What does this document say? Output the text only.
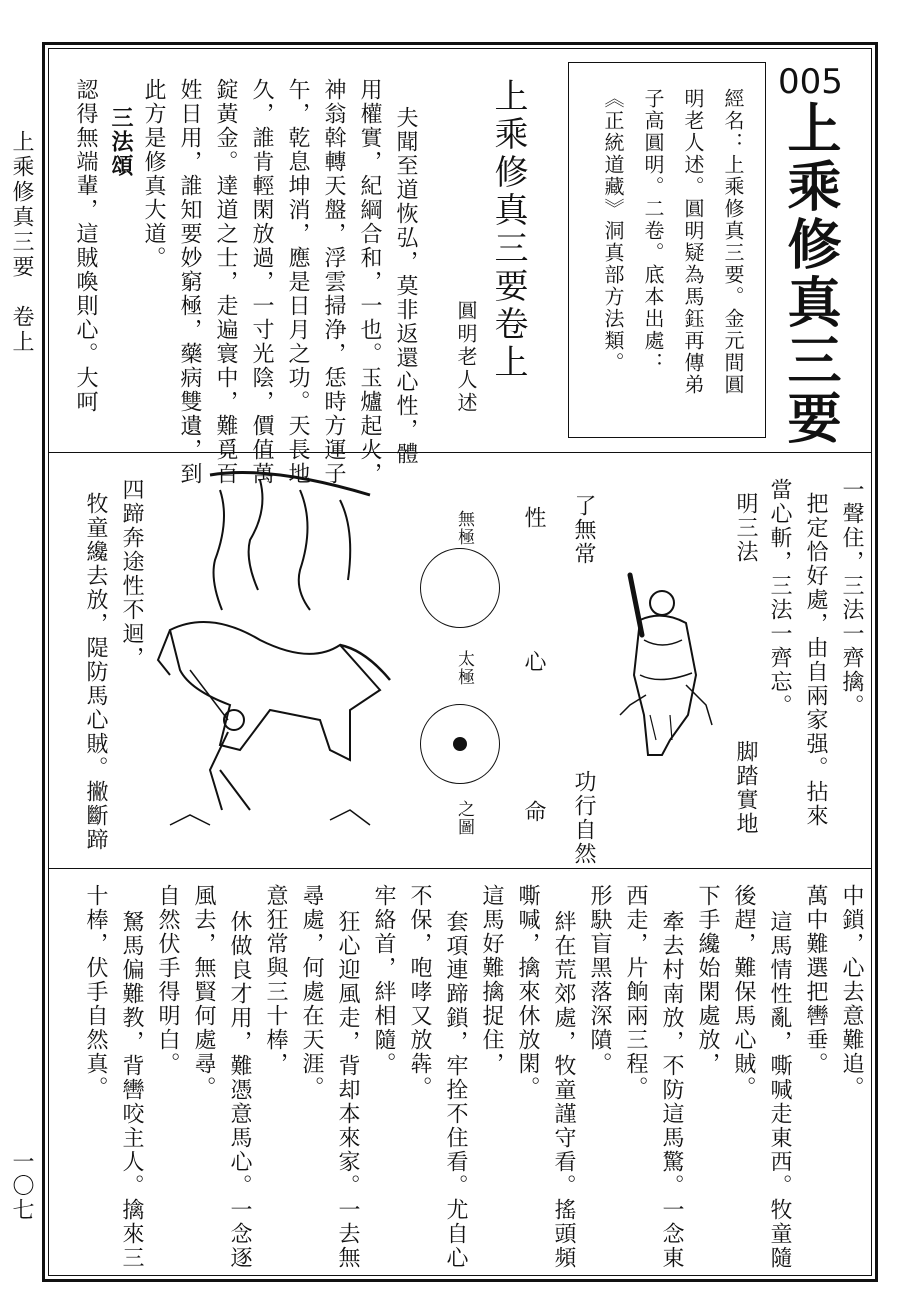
上乘修真三要　卷上
一〇七
005
上乘修真三要
經名：上乘修真三要。金元間圓
明老人述。圓明疑為馬鈺再傳弟
子高圓明。二卷。底本出處：
《正統道藏》洞真部方法類。
上乘修真三要卷上
圓明老人述
夫聞至道恢弘，莫非返還心性，體
用權實，紀綱合和，一也。玉爐起火，
神翁斡轉天盤，浮雲掃浄，恁時方運子
午，乾息坤消，應是日月之功。天長地
久，誰肯輕閑放過，一寸光陰，價值萬
錠黃金。達道之士，走遍寰中，難覓百
姓日用，誰知要妙窮極，藥病雙遺，到
此方是修真大道。
三法頌
認得無端輩，這賊喚則心。大呵
一聲住，三法一齊擒。
把定恰好處，由自兩家强。拈來
當心斬，三法一齊忘。
明三法
脚踏實地
了無常
功行自然
性
心
命
無極
太極
之圖
四蹄奔途性不迴，
牧童纔去放，隄防馬心賊。撇斷蹄
中鎖，心去意難追。
萬中難選把轡垂。
這馬情性亂，嘶喊走東西。牧童隨
後趕，難保馬心賊。
下手纔始閑處放，
牽去村南放，不防這馬驚。一念東
西走，片餉兩三程。
形駃盲黑落深隫。
絆在荒郊處，牧童謹守看。搖頭頻
嘶喊，擒來休放閑。
這馬好難擒捉住，
套項連蹄鎖，牢拴不住看。尤自心
不保，咆哮又放犇。
牢絡首，絆相隨。
狂心迎風走，背却本來家。一去無
尋處，何處在天涯。
意狂常與三十棒，
休做良才用，難憑意馬心。一念逐
風去，無賢何處尋。
自然伏手得明白。
駑馬偏難教，背轡咬主人。擒來三
十棒，伏手自然真。
